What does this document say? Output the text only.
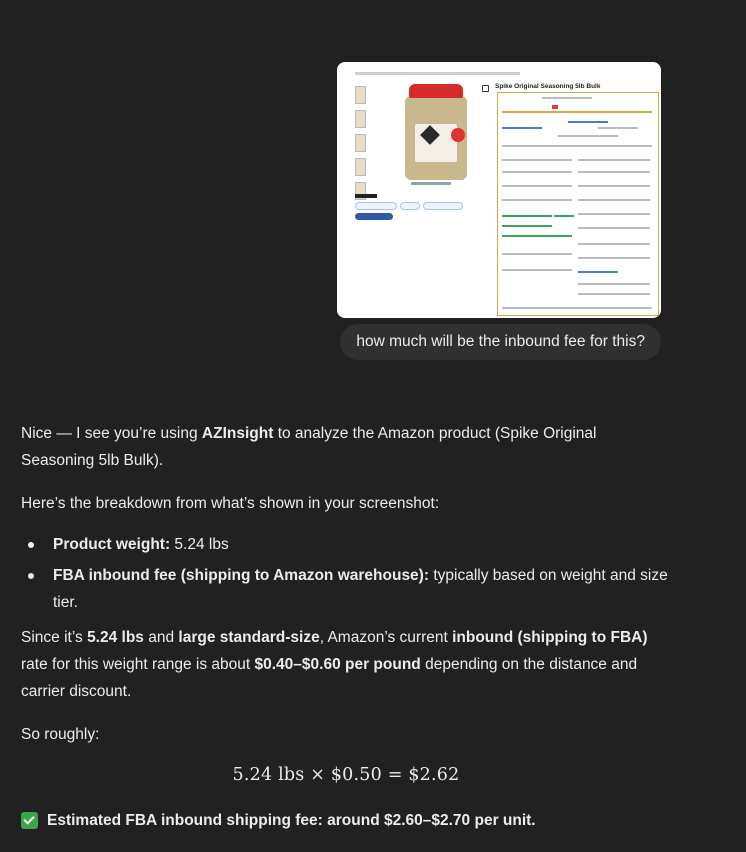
Spike Original Seasoning 5lb Bulk
how much will be the inbound fee for this?

Nice — I see you’re using AZInsight to analyze the Amazon product (Spike Original Seasoning 5lb Bulk).

Here’s the breakdown from what’s shown in your screenshot:

Product weight: 5.24 lbs
FBA inbound fee (shipping to Amazon warehouse): typically based on weight and size tier.

Since it’s 5.24 lbs and large standard-size, Amazon’s current inbound (shipping to FBA) rate for this weight range is about $0.40–$0.60 per pound depending on the distance and carrier discount.

So roughly:

5.24 lbs × $0.50 = $2.62
Estimated FBA inbound shipping fee: around $2.60–$2.70 per unit.
